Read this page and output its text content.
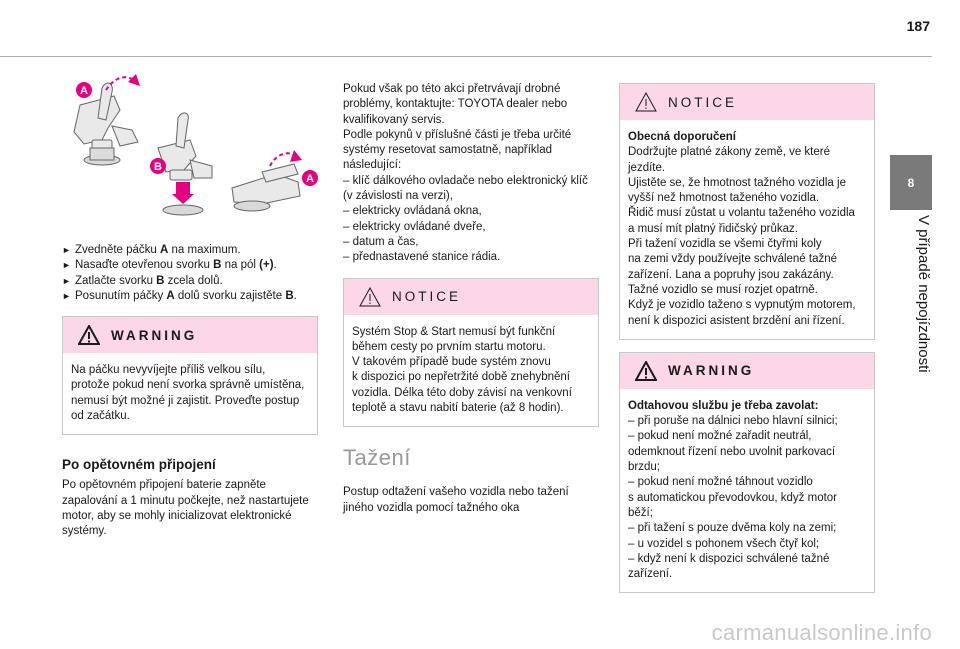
187
8
V případě nepojízdnosti
A
B
A
► Zvedněte páčku A na maximum.
► Nasaďte otevřenou svorku B na pól (+).
► Zatlačte svorku B zcela dolů.
► Posunutím páčky A dolů svorku zajistěte B.
WARNING

Na páčku nevyvíjejte příliš velkou sílu,

protože pokud není svorka správně umístěna,

nemusí být možné ji zajistit. Proveďte postup

od začátku.

Po opětovném připojení

Po opětovném připojení baterie zapněte

zapalování a 1 minutu počkejte, než nastartujete

motor, aby se mohly inicializovat elektronické

systémy.

Pokud však po této akci přetrvávají drobné

problémy, kontaktujte: TOYOTA dealer nebo

kvalifikovaný servis.

Podle pokynů v příslušné části je třeba určité

systémy resetovat samostatně, například

následující:

– klíč dálkového ovladače nebo elektronický klíč

(v závislosti na verzi),

– elektricky ovládaná okna,

– elektricky ovládané dveře,

– datum a čas,

– přednastavené stanice rádia.

NOTICE

Systém Stop & Start nemusí být funkční

během cesty po prvním startu motoru.

V takovém případě bude systém znovu

k dispozici po nepřetržité době znehybnění

vozidla. Délka této doby závisí na venkovní

teplotě a stavu nabití baterie (až 8 hodin).

Tažení

Postup odtažení vašeho vozidla nebo tažení

jiného vozidla pomocí tažného oka

NOTICE

Obecná doporučení

Dodržujte platné zákony země, ve které

jezdíte.

Ujistěte se, že hmotnost tažného vozidla je

vyšší než hmotnost taženého vozidla.

Řidič musí zůstat u volantu taženého vozidla

a musí mít platný řidičský průkaz.

Při tažení vozidla se všemi čtyřmi koly

na zemi vždy používejte schválené tažné

zařízení. Lana a popruhy jsou zakázány.

Tažné vozidlo se musí rozjet opatrně.

Když je vozidlo taženo s vypnutým motorem,

není k dispozici asistent brzdění ani řízení.

WARNING

Odtahovou službu je třeba zavolat:

– při poruše na dálnici nebo hlavní silnici;

– pokud není možné zařadit neutrál,

odemknout řízení nebo uvolnit parkovací

brzdu;

– pokud není možné táhnout vozidlo

s automatickou převodovkou, když motor

běží;

– při tažení s pouze dvěma koly na zemi;

– u vozidel s pohonem všech čtyř kol;

– když není k dispozici schválené tažné

zařízení.

carmanualsonline.info
